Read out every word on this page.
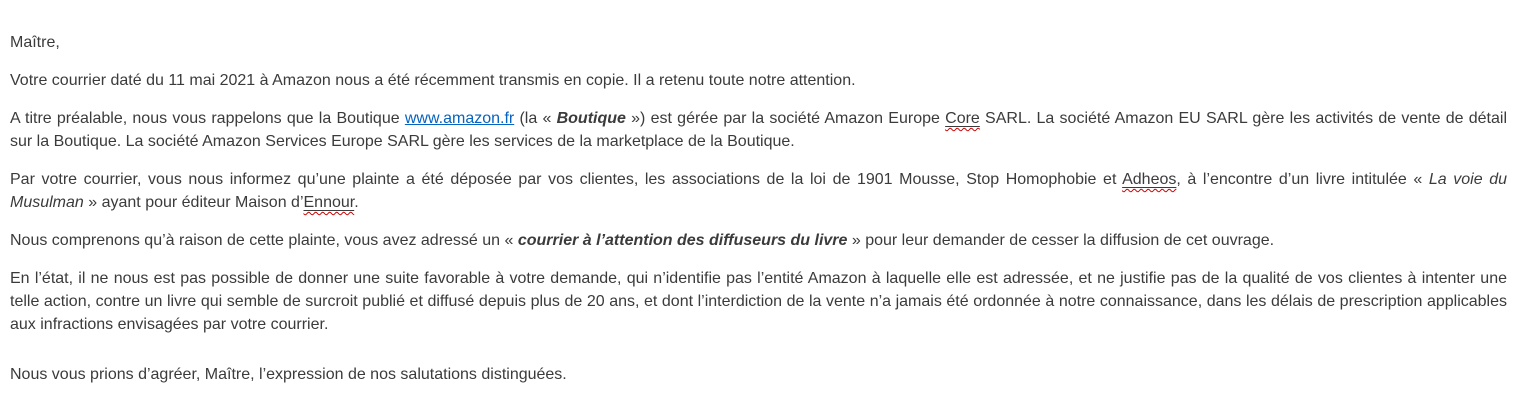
Maître,

Votre courrier daté du 11 mai 2021 à Amazon nous a été récemment transmis en copie. Il a retenu toute notre attention.

A titre préalable, nous vous rappelons que la Boutique www.amazon.fr (la « Boutique ») est gérée par la société Amazon Europe Core SARL. La société Amazon EU SARL gère les activités de vente de détail sur la Boutique. La société Amazon Services Europe SARL gère les services de la marketplace de la Boutique.

Par votre courrier, vous nous informez qu’une plainte a été déposée par vos clientes, les associations de la loi de 1901 Mousse, Stop Homophobie et Adheos, à l’encontre d’un livre intitulée « La voie du Musulman » ayant pour éditeur Maison d’Ennour.

Nous comprenons qu’à raison de cette plainte, vous avez adressé un « courrier à l’attention des diffuseurs du livre » pour leur demander de cesser la diffusion de cet ouvrage.

En l’état, il ne nous est pas possible de donner une suite favorable à votre demande, qui n’identifie pas l’entité Amazon à laquelle elle est adressée, et ne justifie pas de la qualité de vos clientes à intenter une telle action, contre un livre qui semble de surcroit publié et diffusé depuis plus de 20 ans, et dont l’interdiction de la vente n’a jamais été ordonnée à notre connaissance, dans les délais de prescription applicables aux infractions envisagées par votre courrier.

Nous vous prions d’agréer, Maître, l’expression de nos salutations distinguées.
